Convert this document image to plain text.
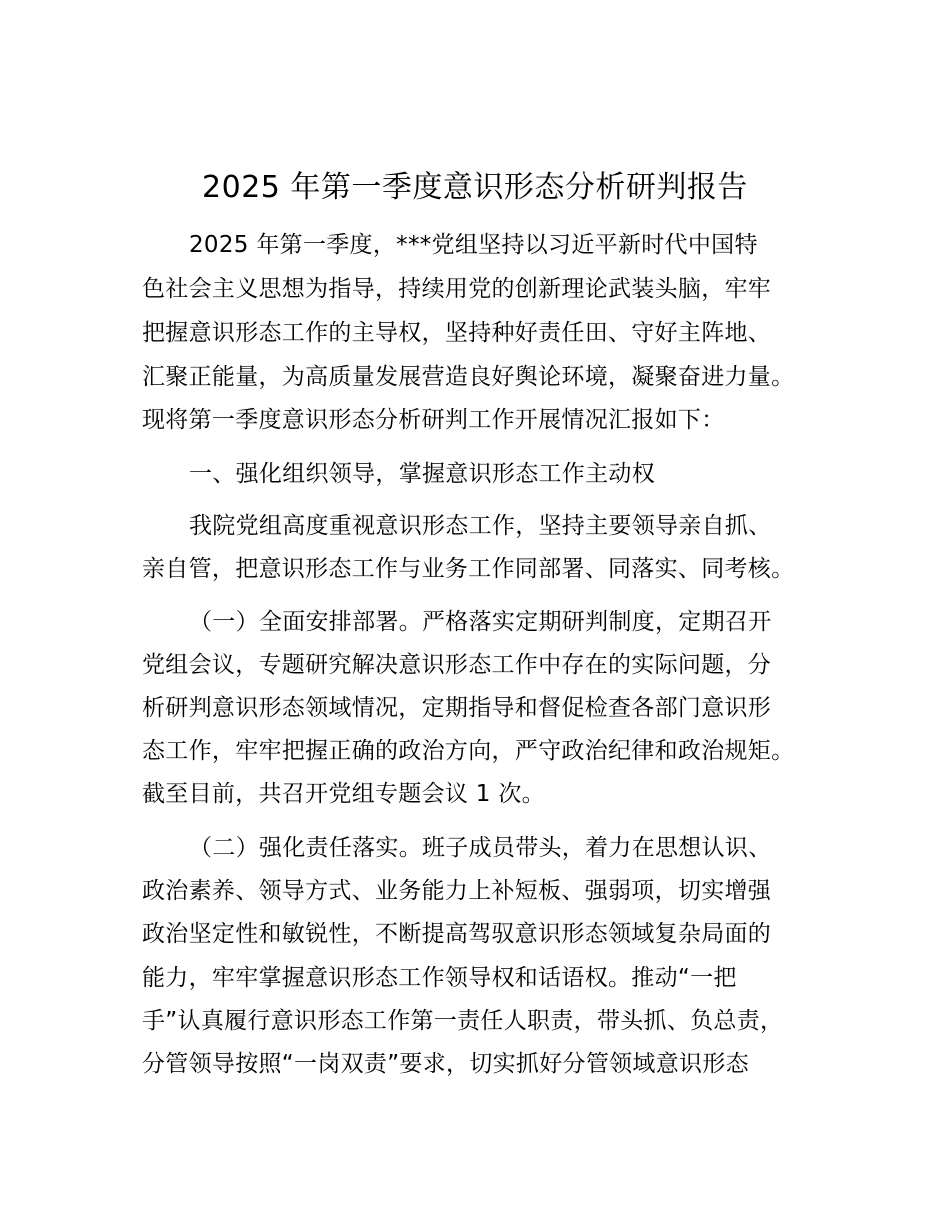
2025 年第一季度意识形态分析研判报告

2025 年第一季度，***党组坚持以习近平新时代中国特

色社会主义思想为指导，持续用党的创新理论武装头脑，牢牢

把握意识形态工作的主导权，坚持种好责任田、守好主阵地、

汇聚正能量，为高质量发展营造良好舆论环境，凝聚奋进力量。

现将第一季度意识形态分析研判工作开展情况汇报如下：

一、强化组织领导，掌握意识形态工作主动权

我院党组高度重视意识形态工作，坚持主要领导亲自抓、

亲自管，把意识形态工作与业务工作同部署、同落实、同考核。

（一）全面安排部署。严格落实定期研判制度，定期召开

党组会议，专题研究解决意识形态工作中存在的实际问题，分

析研判意识形态领域情况，定期指导和督促检查各部门意识形

态工作，牢牢把握正确的政治方向，严守政治纪律和政治规矩。

截至目前，共召开党组专题会议 1 次。

（二）强化责任落实。班子成员带头，着力在思想认识、

政治素养、领导方式、业务能力上补短板、强弱项，切实增强

政治坚定性和敏锐性，不断提高驾驭意识形态领域复杂局面的

能力，牢牢掌握意识形态工作领导权和话语权。推动“一把

手”认真履行意识形态工作第一责任人职责，带头抓、负总责，

分管领导按照“一岗双责”要求，切实抓好分管领域意识形态
